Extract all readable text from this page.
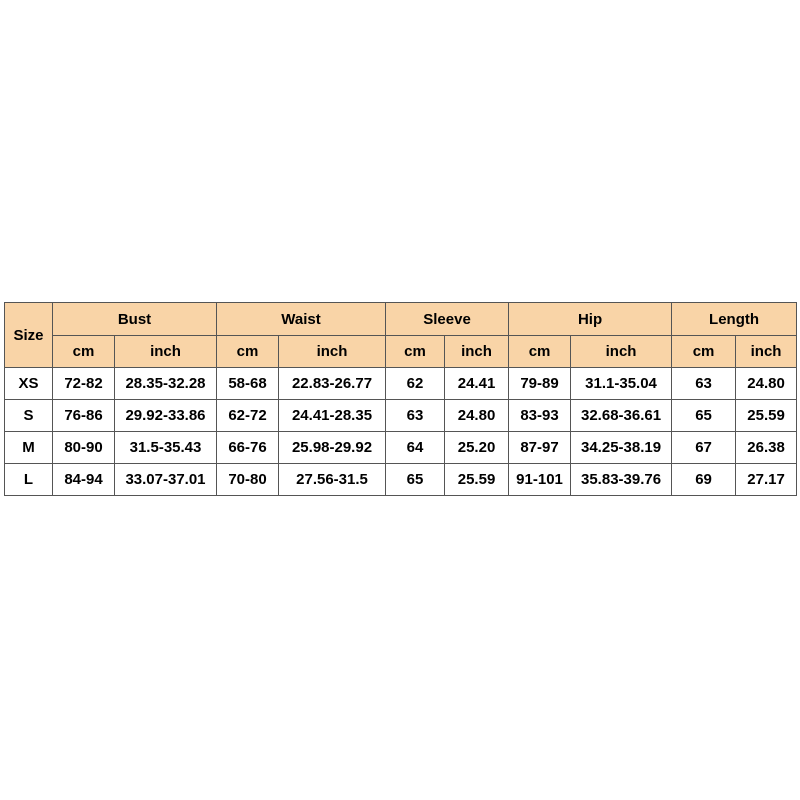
Size	Bust		Waist		Sleeve		Hip		Length	
	cm	inch	cm	inch	cm	inch	cm	inch	cm	inch
XS	72-82	28.35-32.28	58-68	22.83-26.77	62	24.41	79-89	31.1-35.04	63	24.80
S	76-86	29.92-33.86	62-72	24.41-28.35	63	24.80	83-93	32.68-36.61	65	25.59
M	80-90	31.5-35.43	66-76	25.98-29.92	64	25.20	87-97	34.25-38.19	67	26.38
L	84-94	33.07-37.01	70-80	27.56-31.5	65	25.59	91-101	35.83-39.76	69	27.17
